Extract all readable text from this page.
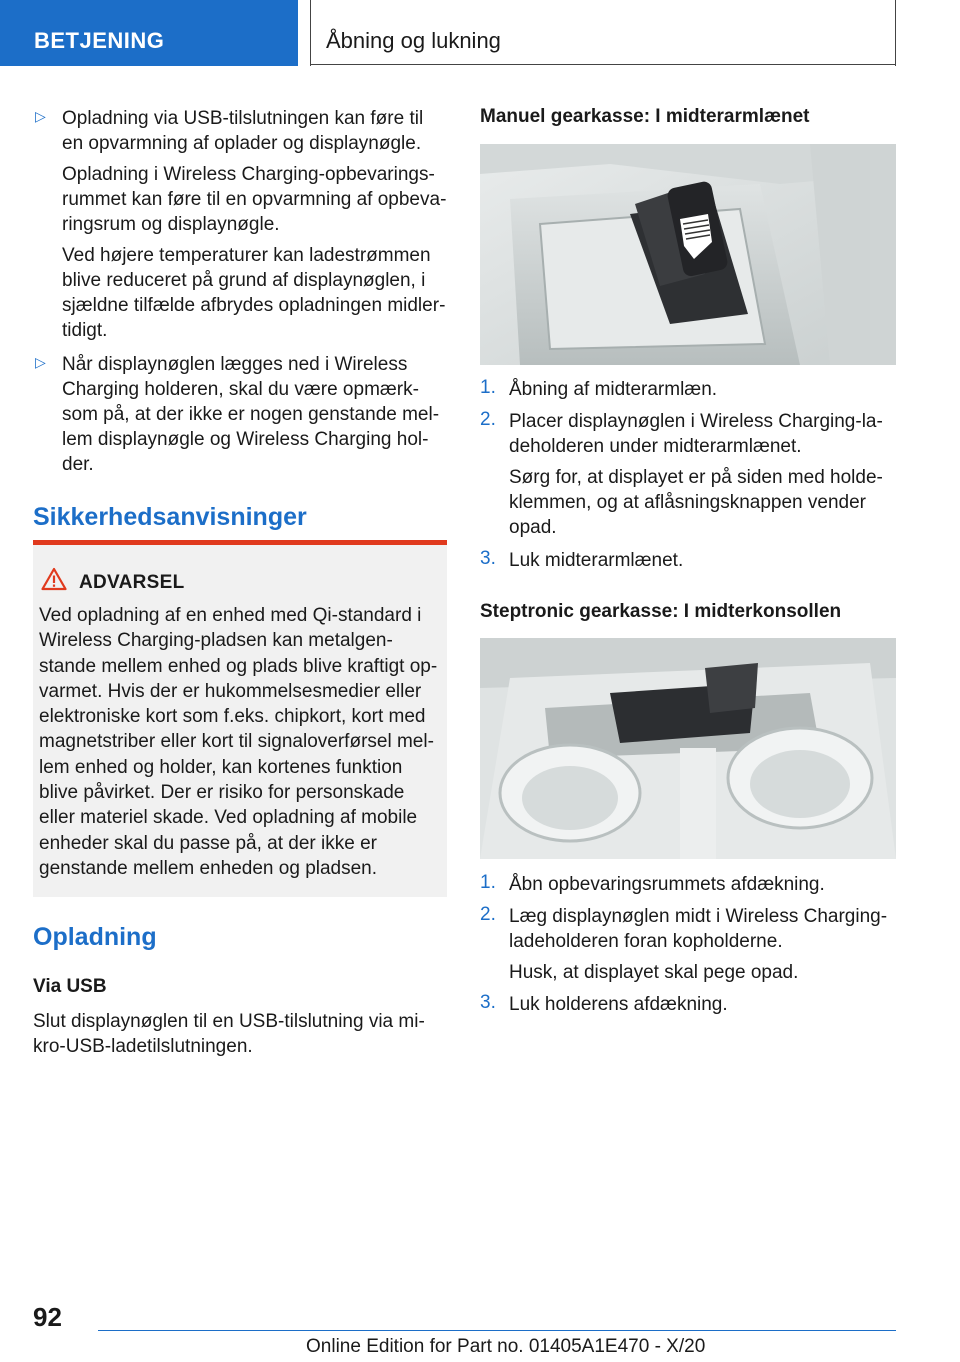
BETJENING	Åbning og lukning
▷ Opladning via USB-tilslutningen kan føre til en opvarmning af oplader og displaynøgle.

Opladning i Wireless Charging-opbevaringsrummet kan føre til en opvarmning af opbevaringsrum og displaynøgle.

Ved højere temperaturer kan ladestrømmen blive reduceret på grund af displaynøglen, i sjældne tilfælde afbrydes opladningen midlertidigt.

▷ Når displaynøglen lægges ned i Wireless Charging holderen, skal du være opmærksom på, at der ikke er nogen genstande mellem displaynøgle og Wireless Charging holder.

Sikkerhedsanvisninger
ADVARSEL

Ved opladning af en enhed med Qi-standard i Wireless Charging-pladsen kan metalgenstande mellem enhed og plads blive kraftigt opvarmet. Hvis der er hukommelsesmedier eller elektroniske kort som f.eks. chipkort, kort med magnetstriber eller kort til signaloverførsel mellem enhed og holder, kan kortenes funktion blive påvirket. Der er risiko for personskade eller materiel skade. Ved opladning af mobile enheder skal du passe på, at der ikke er genstande mellem enheden og pladsen.

Opladning
Via USB

Slut displaynøglen til en USB-tilslutning via mikro-USB-ladetilslutningen.

Manuel gearkasse: I midterarmlænet
1. Åbning af midterarmlæn.

2. Placer displaynøglen i Wireless Charging-ladeholderen under midterarmlænet.

Sørg for, at displayet er på siden med holdeklemmen, og at aflåsningsknappen vender opad.

3. Luk midterarmlænet.

Steptronic gearkasse: I midterkonsollen
1. Åbn opbevaringsrummets afdækning.

2. Læg displaynøglen midt i Wireless Charging-ladeholderen foran kopholderne.

Husk, at displayet skal pege opad.

3. Luk holderens afdækning.

92
Online Edition for Part no. 01405A1E470 - X/20
